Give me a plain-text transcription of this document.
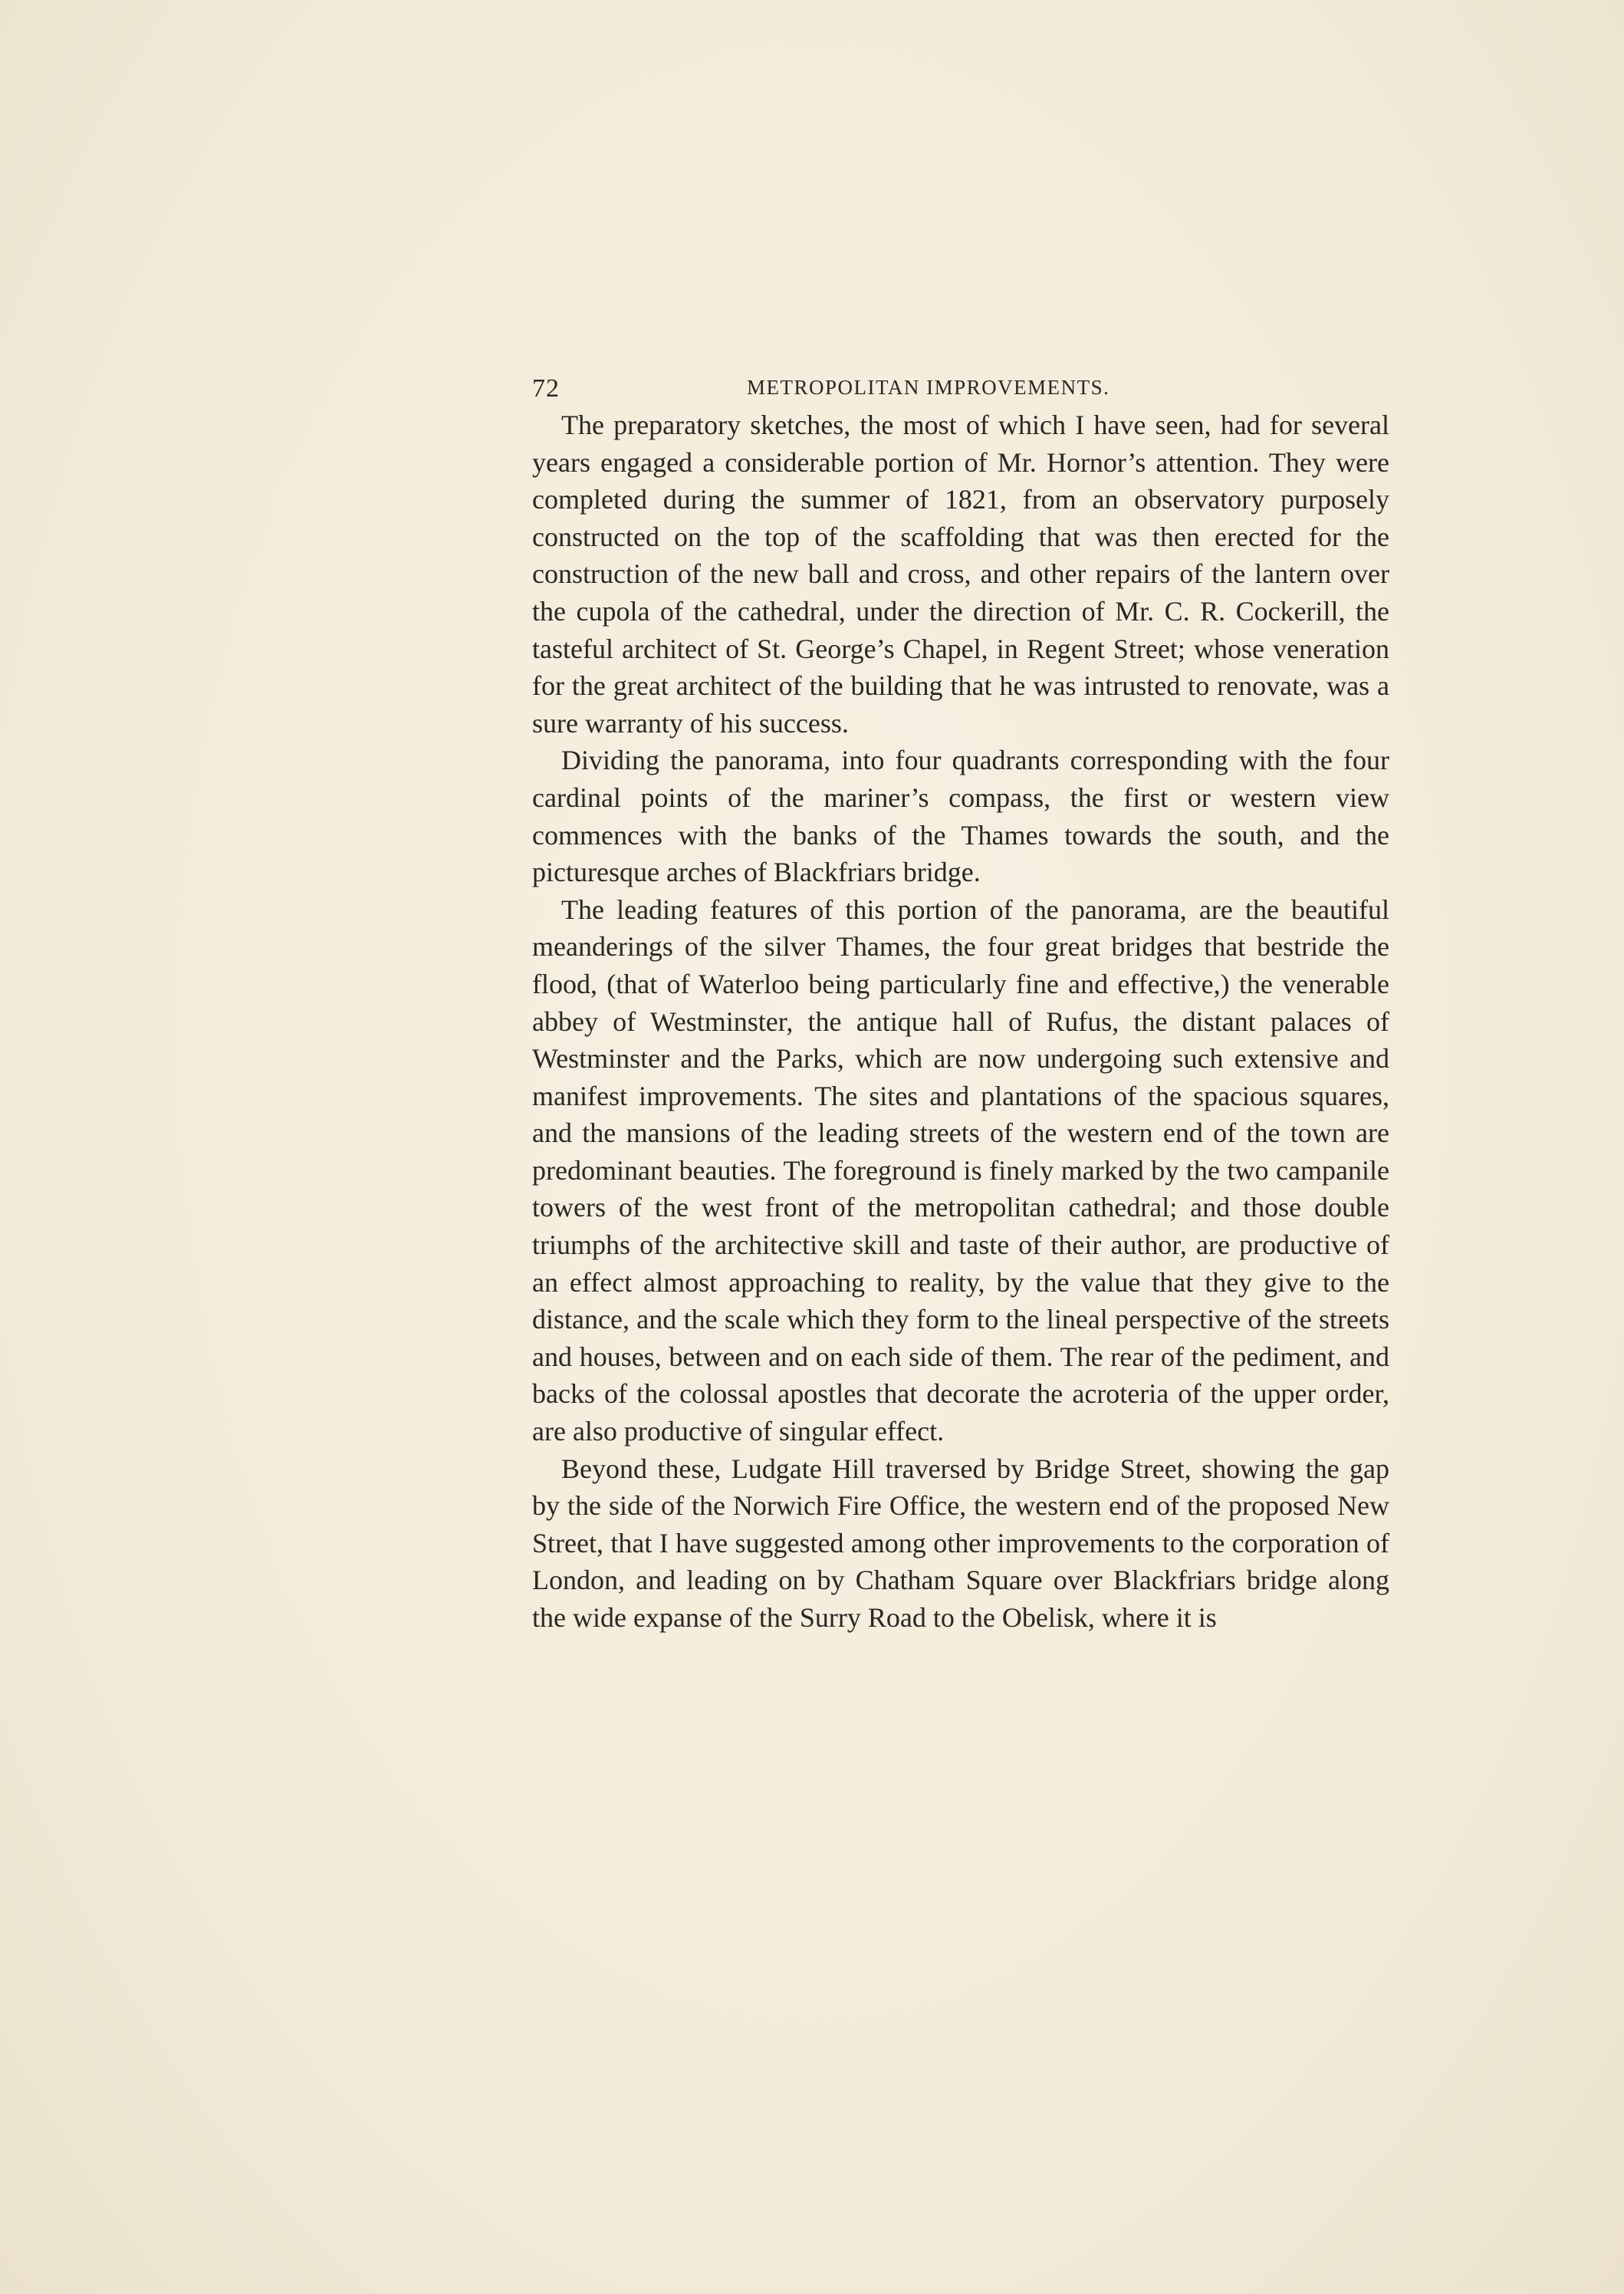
72	METROPOLITAN IMPROVEMENTS.

The preparatory sketches, the most of which I have seen, had for several years engaged a considerable portion of Mr. Hornor’s attention. They were completed during the summer of 1821, from an observatory purposely constructed on the top of the scaffolding that was then erected for the construction of the new ball and cross, and other repairs of the lantern over the cupola of the cathedral, under the direction of Mr. C. R. Cockerill, the tasteful architect of St. George’s Chapel, in Regent Street; whose veneration for the great architect of the building that he was intrusted to renovate, was a sure warranty of his success.

Dividing the panorama, into four quadrants corresponding with the four cardinal points of the mariner’s compass, the first or western view commences with the banks of the Thames towards the south, and the picturesque arches of Blackfriars bridge.

The leading features of this portion of the panorama, are the beautiful meanderings of the silver Thames, the four great bridges that bestride the flood, (that of Waterloo being particularly fine and effective,) the venerable abbey of Westminster, the antique hall of Rufus, the distant palaces of Westminster and the Parks, which are now undergoing such extensive and manifest improvements. The sites and plantations of the spacious squares, and the mansions of the leading streets of the western end of the town are predominant beauties. The foreground is finely marked by the two campanile towers of the west front of the metropolitan cathedral; and those double triumphs of the architective skill and taste of their author, are productive of an effect almost approaching to reality, by the value that they give to the distance, and the scale which they form to the lineal perspective of the streets and houses, between and on each side of them. The rear of the pediment, and backs of the colossal apostles that decorate the acroteria of the upper order, are also productive of singular effect.

Beyond these, Ludgate Hill traversed by Bridge Street, showing the gap by the side of the Norwich Fire Office, the western end of the proposed New Street, that I have suggested among other improvements to the corporation of London, and leading on by Chatham Square over Blackfriars bridge along the wide expanse of the Surry Road to the Obelisk, where it is
